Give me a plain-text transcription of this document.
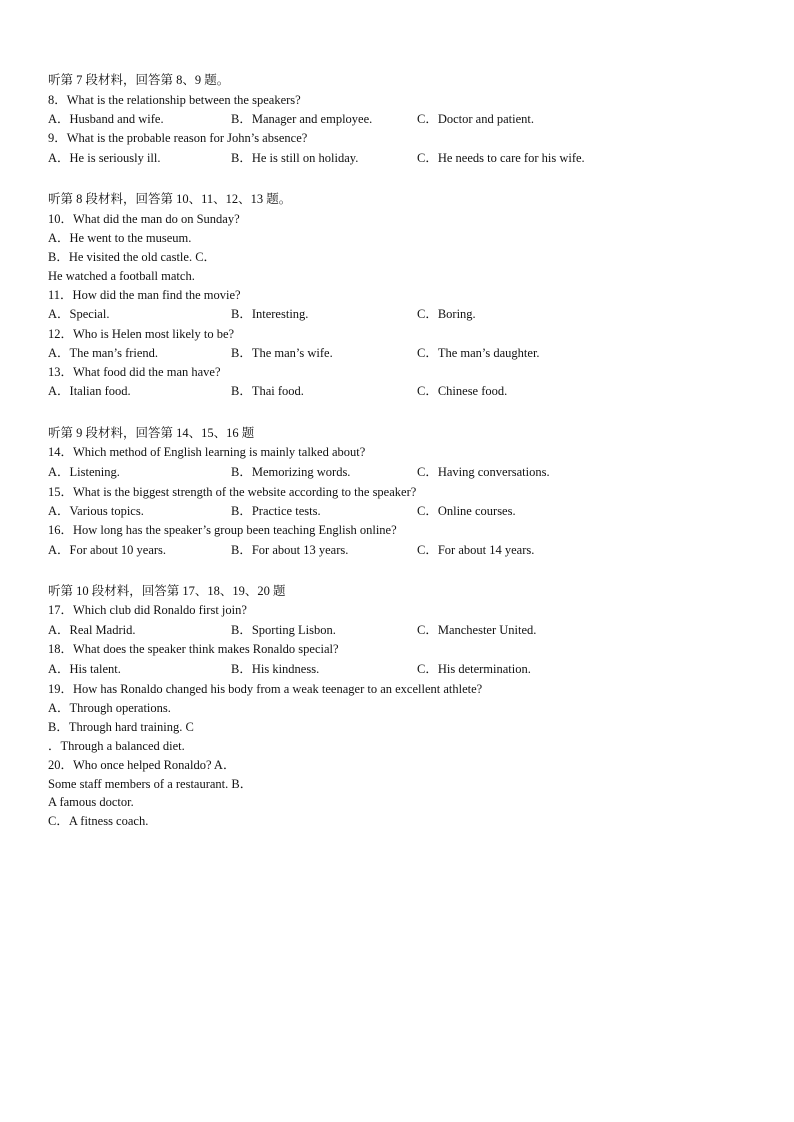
听第 7 段材料，回答第 8、9 题。
8．What is the relationship between the speakers?
A．Husband and wife.	B．Manager and employee.	C．Doctor and patient.
9．What is the probable reason for John’s absence?
A．He is seriously ill.	B．He is still on holiday.	C．He needs to care for his wife.
听第 8 段材料，回答第 10、11、12、13 题。
10．What did the man do on Sunday?
A．He went to the museum.
B．He visited the old castle. C．
He watched a football match.
11．How did the man find the movie?
A．Special.	B．Interesting.	C．Boring.
12．Who is Helen most likely to be?
A．The man’s friend.	B．The man’s wife.	C．The man’s daughter.
13．What food did the man have?
A．Italian food.	B．Thai food.	C．Chinese food.
听第 9 段材料，回答第 14、15、16 题
14．Which method of English learning is mainly talked about?
A．Listening.	B．Memorizing words.	C．Having conversations.
15．What is the biggest strength of the website according to the speaker?
A．Various topics.	B．Practice tests.	C．Online courses.
16．How long has the speaker’s group been teaching English online?
A．For about 10 years.	B．For about 13 years.	C．For about 14 years.
听第 10 段材料，回答第 17、18、19、20 题
17．Which club did Ronaldo first join?
A．Real Madrid.	B．Sporting Lisbon.	C．Manchester United.
18．What does the speaker think makes Ronaldo special?
A．His talent.	B．His kindness.	C．His determination.
19．How has Ronaldo changed his body from a weak teenager to an excellent athlete?
A．Through operations.
B．Through hard training. C
．Through a balanced diet.
20．Who once helped Ronaldo? A．
Some staff members of a restaurant. B．
A famous doctor.
C．A fitness coach.
